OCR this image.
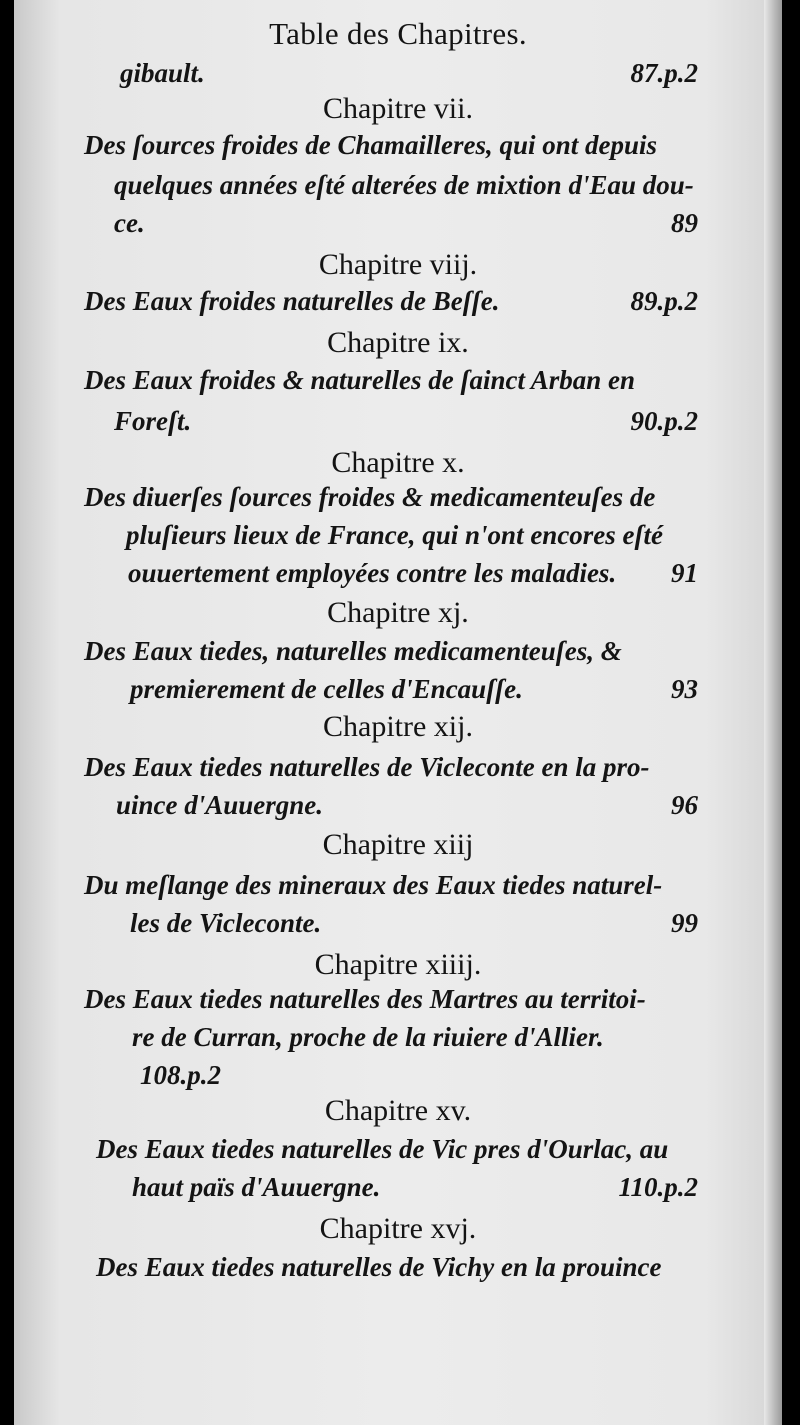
Table des Chapitres.
gibault.	87.p.2
Chapitre vii.
Des ſources froides de Chamailleres, qui ont depuis
quelques années eſté alterées de mixtion d'Eau dou-
ce.	89
Chapitre viij.
Des Eaux froides naturelles de Beſſe.	89.p.2
Chapitre ix.
Des Eaux froides & naturelles de ſainct Arban en
Foreſt.	90.p.2
Chapitre x.
Des diuerſes ſources froides & medicamenteuſes de
pluſieurs lieux de France, qui n'ont encores eſté
ouuertement employées contre les maladies. 91
Chapitre xj.
Des Eaux tiedes, naturelles medicamenteuſes, &
premierement de celles d'Encauſſe.	93
Chapitre xij.
Des Eaux tiedes naturelles de Vicleconte en la pro-
uince d'Auuergne.	96
Chapitre xiij
Du meſlange des mineraux des Eaux tiedes naturel-
les de Vicleconte.	99
Chapitre xiiij.
Des Eaux tiedes naturelles des Martres au territoi-
re de Curran, proche de la riuiere d'Allier.
108.p.2
Chapitre xv.
Des Eaux tiedes naturelles de Vic pres d'Ourlac, au
haut païs d'Auuergne.	110.p.2
Chapitre xvj.
Des Eaux tiedes naturelles de Vichy en la prouince
